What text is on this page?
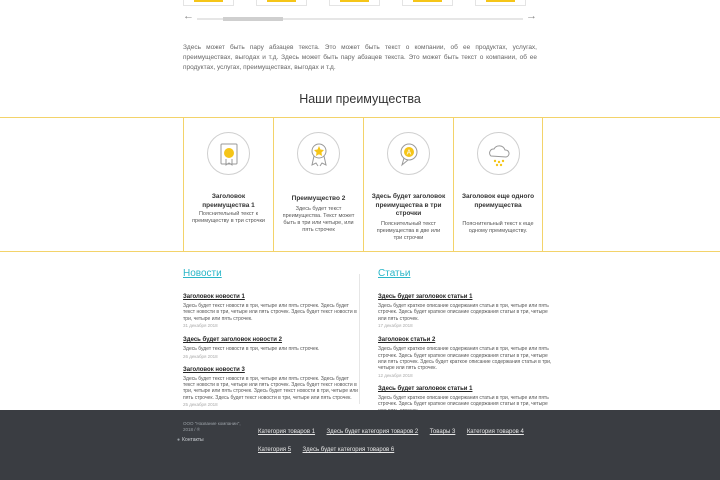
←	→

Здесь может быть пару абзацев текста. Это может быть текст о компании, об ее продуктах, услугах, преимуществах, выгодах и т.д. Здесь может быть пару абзацев текста. Это может быть текст о компании, об ее продуктах, услугах, преимуществах, выгодах и т.д.

Наши преимущества
Заголовок преимущества 1
Пояснительный текст к преимуществу в три строчки
Преимущество 2
Здесь будет текст преимущества. Текст может быть в три или четыре, или пять строчек
A
Здесь будет заголовок преимущества в три строчки
Пояснительный текст преимущества в две или три строчки
Заголовок еще одного преимущества
Пояснительный текст к еще одному преимуществу.
Новости
Заголовок новости 1
Здесь будет текст новости в три, четыре или пять строчек. Здесь будет текст новости в три, четыре или пять строчек. Здесь будет текст новости в три, четыре или пять строчек.
31 декабря 2018
Здесь будет заголовок новости 2
Здесь будет текст новости в три, четыре или пять строчек.
26 декабря 2018
Заголовок новости 3
Здесь будет текст новости в три, четыре или пять строчек. Здесь будет текст новости в три, четыре или пять строчек. Здесь будет текст новости в три, четыре или пять строчек. Здесь будет текст новости в три, четыре или пять строчек. Здесь будет текст новости в три, четыре или пять строчек.
25 декабря 2018
Статьи
Здесь будет заголовок статьи 1
Здесь будет краткое описание содержания статьи в три, четыре или пять строчек. Здесь будет краткое описание содержания статьи в три, четыре или пять строчек.
17 декабря 2018
Заголовок статьи 2
Здесь будет краткое описание содержания статьи в три, четыре или пять строчек. Здесь будет краткое описание содержания статьи в три, четыре или пять строчек. Здесь будет краткое описание содержания статьи в три, четыре или пять строчек.
12 декабря 2018
Здесь будет заголовок статьи 1
Здесь будет краткое описание содержания статьи в три, четыре или пять строчек. Здесь будет краткое описание содержания статьи в три, четыре
ООО "Название компании", 2018 / ®
● Контакты
Категория товаров 1 Здесь будет категория товаров 2 Товары 3 Категория товаров 4 Категория 5 Здесь будет категория товаров 6
